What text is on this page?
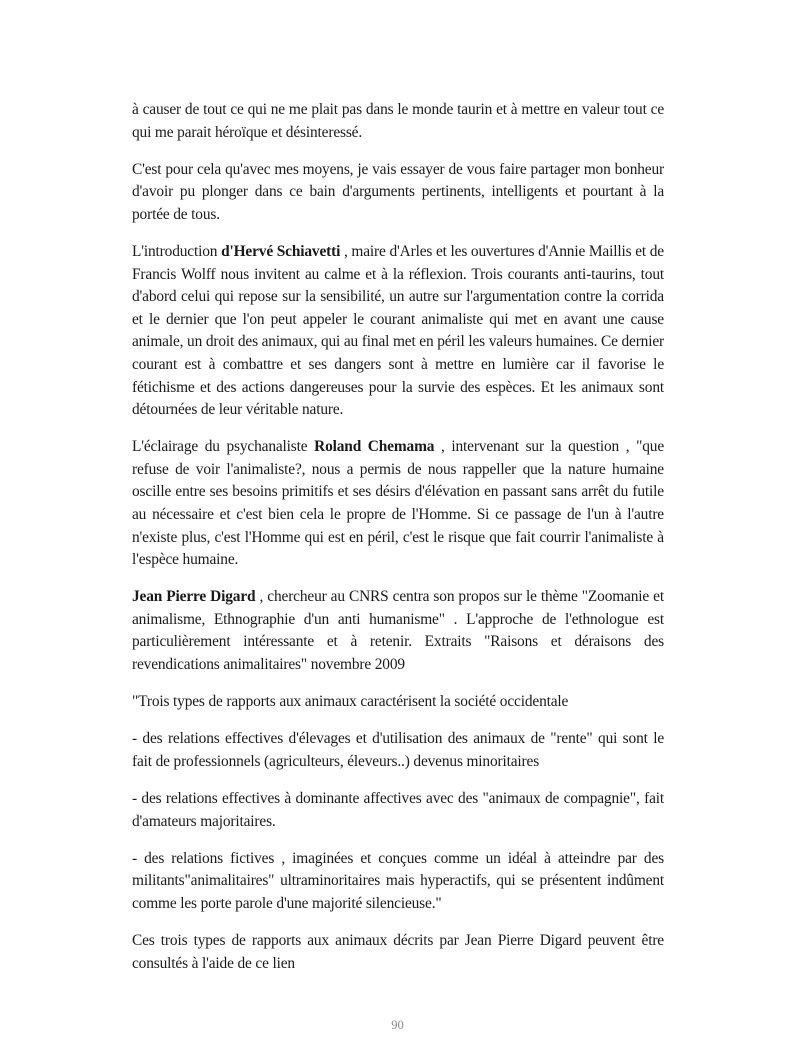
à causer de tout ce qui ne me plait pas dans le monde taurin et à mettre en valeur tout ce qui me parait héroïque et désinteressé.

C'est pour cela qu'avec mes moyens, je vais essayer de vous faire partager mon bonheur d'avoir pu plonger dans ce bain d'arguments pertinents, intelligents et pourtant à la portée de tous.

L'introduction d'Hervé Schiavetti , maire d'Arles et les ouvertures d'Annie Maillis et de Francis Wolff nous invitent au calme et à la réflexion. Trois courants anti-taurins, tout d'abord celui qui repose sur la sensibilité, un autre sur l'argumentation contre la corrida et le dernier que l'on peut appeler le courant animaliste qui met en avant une cause animale, un droit des animaux, qui au final met en péril les valeurs humaines. Ce dernier courant est à combattre et ses dangers sont à mettre en lumière car il favorise le fétichisme et des actions dangereuses pour la survie des espèces. Et les animaux sont détournées de leur véritable nature.

L'éclairage du psychanaliste Roland Chemama , intervenant sur la question , "que refuse de voir l'animaliste?, nous a permis de nous rappeller que la nature humaine oscille entre ses besoins primitifs et ses désirs d'élévation en passant sans arrêt du futile au nécessaire et c'est bien cela le propre de l'Homme. Si ce passage de l'un à l'autre n'existe plus, c'est l'Homme qui est en péril, c'est le risque que fait courrir l'animaliste à l'espèce humaine.

Jean Pierre Digard , chercheur au CNRS centra son propos sur le thème "Zoomanie et animalisme, Ethnographie d'un anti humanisme" . L'approche de l'ethnologue est particulièrement intéressante et à retenir. Extraits "Raisons et déraisons des revendications animalitaires" novembre 2009

"Trois types de rapports aux animaux caractérisent la société occidentale

- des relations effectives d'élevages et d'utilisation des animaux de "rente" qui sont le fait de professionnels (agriculteurs, éleveurs..) devenus minoritaires

- des relations effectives à dominante affectives avec des "animaux de compagnie", fait d'amateurs majoritaires.

- des relations fictives , imaginées et conçues comme un idéal à atteindre par des militants"animalitaires" ultraminoritaires mais hyperactifs, qui se présentent indûment comme les porte parole d'une majorité silencieuse."

Ces trois types de rapports aux animaux décrits par Jean Pierre Digard peuvent être consultés à l'aide de ce lien

90
